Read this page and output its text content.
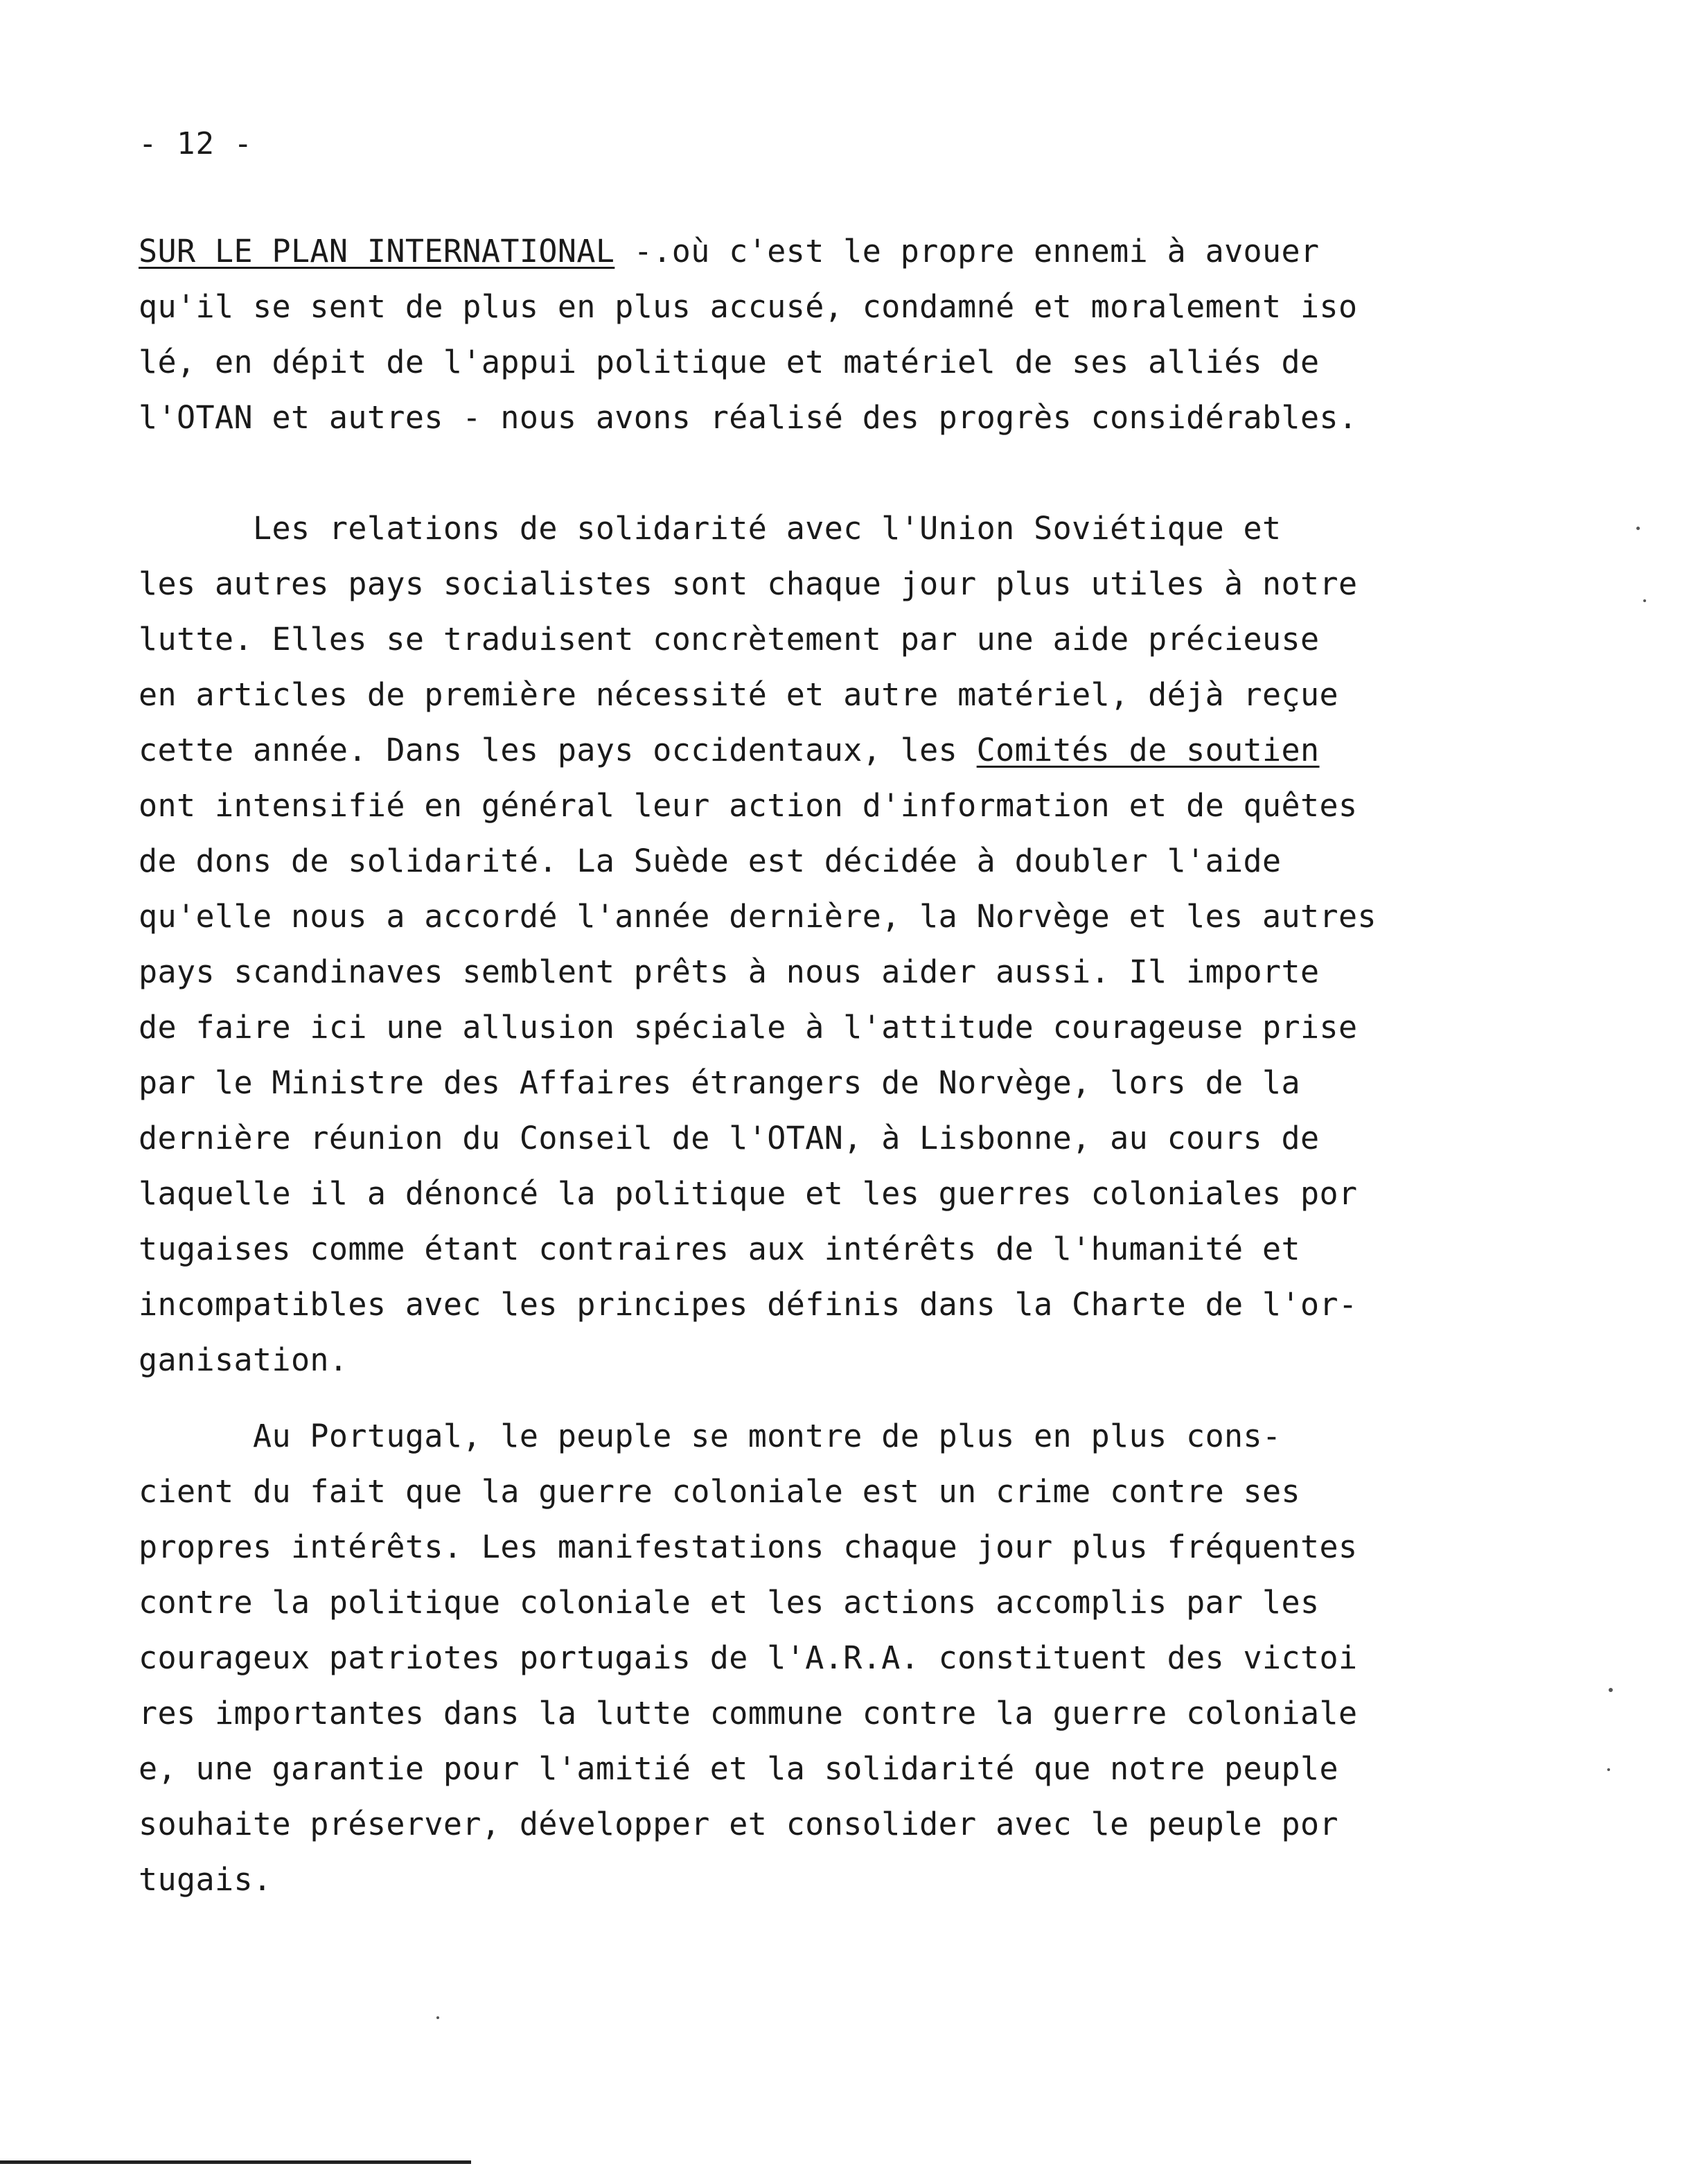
- 12 -
SUR LE PLAN INTERNATIONAL -.où c'est le propre ennemi à avouer
qu'il se sent de plus en plus accusé, condamné et moralement iso
lé, en dépit de l'appui politique et matériel de ses alliés de
l'OTAN et autres - nous avons réalisé des progrès considérables.
Les relations de solidarité avec l'Union Soviétique et
les autres pays socialistes sont chaque jour plus utiles à notre
lutte. Elles se traduisent concrètement par une aide précieuse
en articles de première nécessité et autre matériel, déjà reçue
cette année. Dans les pays occidentaux, les Comités de soutien
ont intensifié en général leur action d'information et de quêtes
de dons de solidarité. La Suède est décidée à doubler l'aide
qu'elle nous a accordé l'année dernière, la Norvège et les autres
pays scandinaves semblent prêts à nous aider aussi. Il importe
de faire ici une allusion spéciale à l'attitude courageuse prise
par le Ministre des Affaires étrangers de Norvège, lors de la
dernière réunion du Conseil de l'OTAN, à Lisbonne, au cours de
laquelle il a dénoncé la politique et les guerres coloniales por
tugaises comme étant contraires aux intérêts de l'humanité et
incompatibles avec les principes définis dans la Charte de l'or-
ganisation.
Au Portugal, le peuple se montre de plus en plus cons-
cient du fait que la guerre coloniale est un crime contre ses
propres intérêts. Les manifestations chaque jour plus fréquentes
contre la politique coloniale et les actions accomplis par les
courageux patriotes portugais de l'A.R.A. constituent des victoi
res importantes dans la lutte commune contre la guerre coloniale
e, une garantie pour l'amitié et la solidarité que notre peuple
souhaite préserver, développer et consolider avec le peuple por
tugais.
